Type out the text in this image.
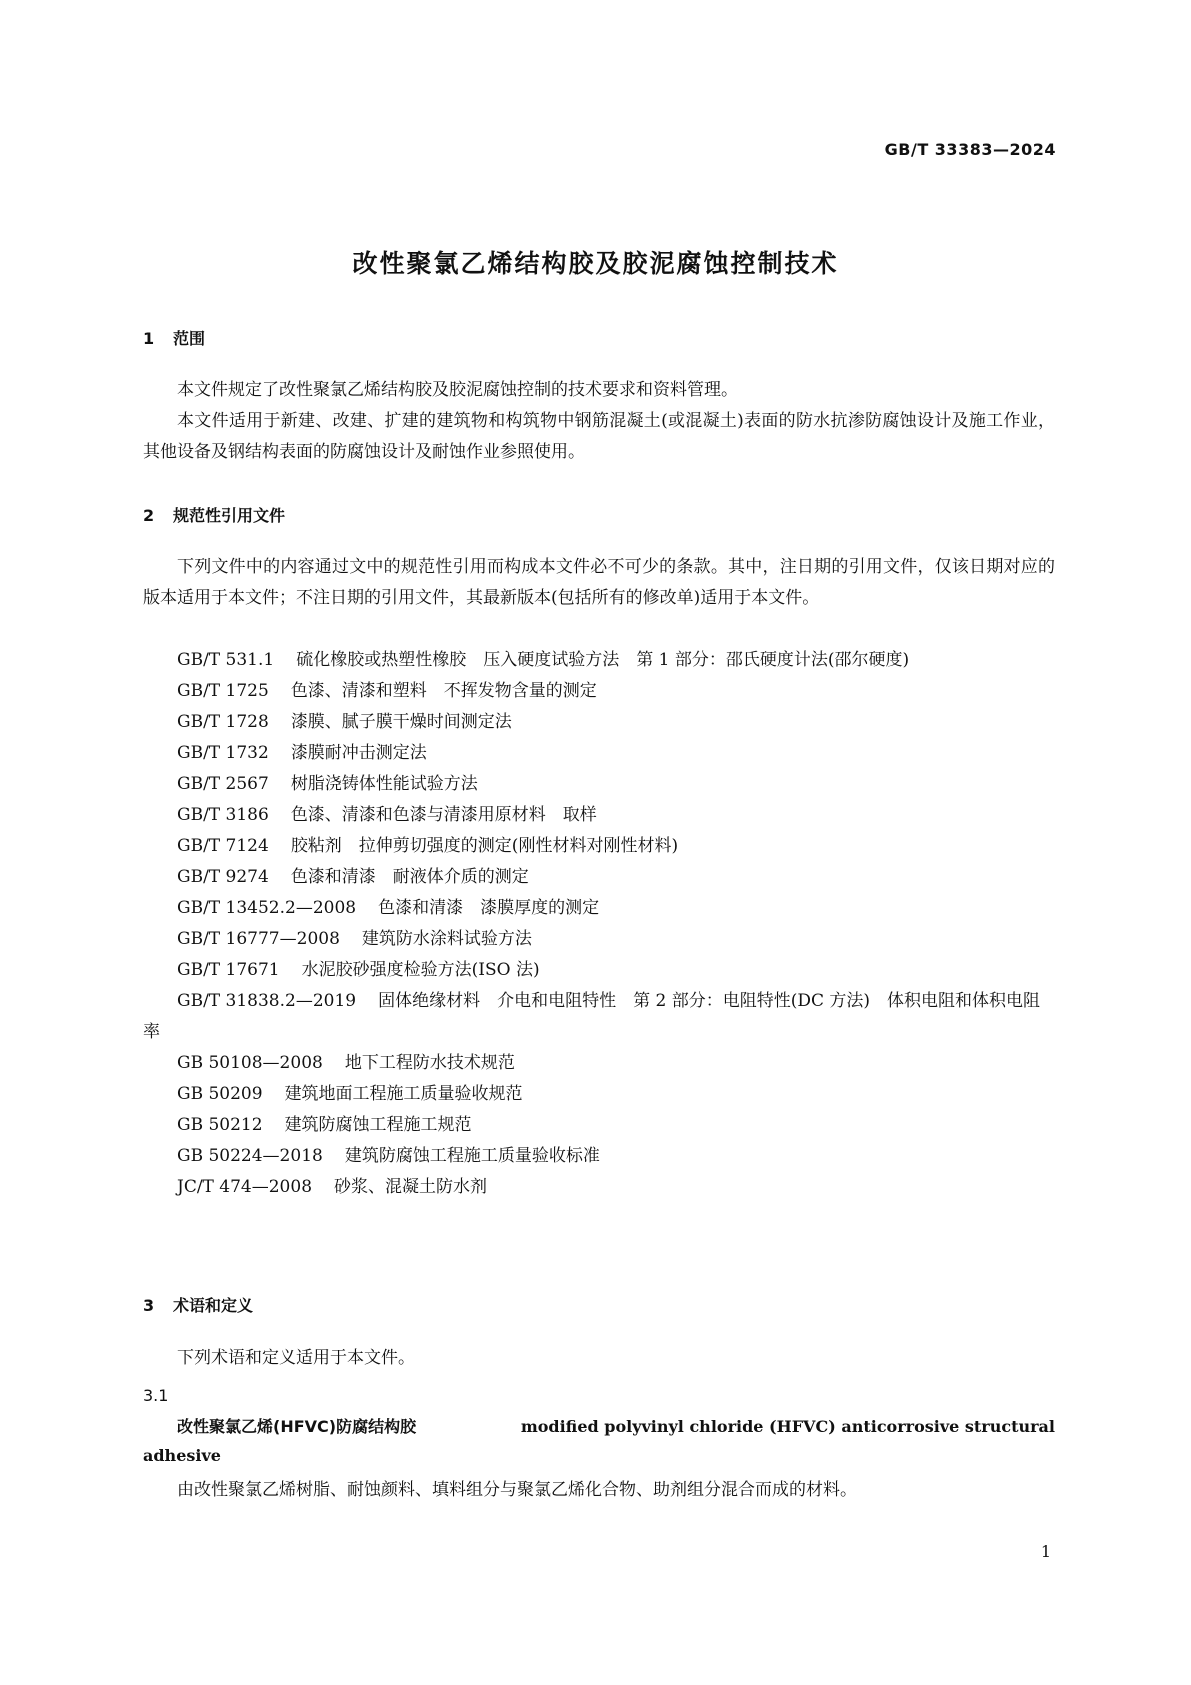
GB/T 33383—2024
改性聚氯乙烯结构胶及胶泥腐蚀控制技术
1 范围
本文件规定了改性聚氯乙烯结构胶及胶泥腐蚀控制的技术要求和资料管理。
本文件适用于新建、改建、扩建的建筑物和构筑物中钢筋混凝土(或混凝土)表面的防水抗渗防腐蚀设计及施工作业，其他设备及钢结构表面的防腐蚀设计及耐蚀作业参照使用。
2 规范性引用文件
下列文件中的内容通过文中的规范性引用而构成本文件必不可少的条款。其中，注日期的引用文件，仅该日期对应的版本适用于本文件；不注日期的引用文件，其最新版本(包括所有的修改单)适用于本文件。
GB/T 531.1 硫化橡胶或热塑性橡胶　压入硬度试验方法　第 1 部分：邵氏硬度计法(邵尔硬度)
GB/T 1725 色漆、清漆和塑料　不挥发物含量的测定
GB/T 1728 漆膜、腻子膜干燥时间测定法
GB/T 1732 漆膜耐冲击测定法
GB/T 2567 树脂浇铸体性能试验方法
GB/T 3186 色漆、清漆和色漆与清漆用原材料　取样
GB/T 7124 胶粘剂　拉伸剪切强度的测定(刚性材料对刚性材料)
GB/T 9274 色漆和清漆　耐液体介质的测定
GB/T 13452.2—2008 色漆和清漆　漆膜厚度的测定
GB/T 16777—2008 建筑防水涂料试验方法
GB/T 17671 水泥胶砂强度检验方法(ISO 法)
GB/T 31838.2—2019 固体绝缘材料　介电和电阻特性　第 2 部分：电阻特性(DC 方法)　体积电阻和体积电阻率
GB 50108—2008 地下工程防水技术规范
GB 50209 建筑地面工程施工质量验收规范
GB 50212 建筑防腐蚀工程施工规范
GB 50224—2018 建筑防腐蚀工程施工质量验收标准
JC/T 474—2008 砂浆、混凝土防水剂
3 术语和定义
下列术语和定义适用于本文件。
3.1
改性聚氯乙烯(HFVC)防腐结构胶	modified polyvinyl chloride (HFVC) anticorrosive structural
adhesive
由改性聚氯乙烯树脂、耐蚀颜料、填料组分与聚氯乙烯化合物、助剂组分混合而成的材料。
1
